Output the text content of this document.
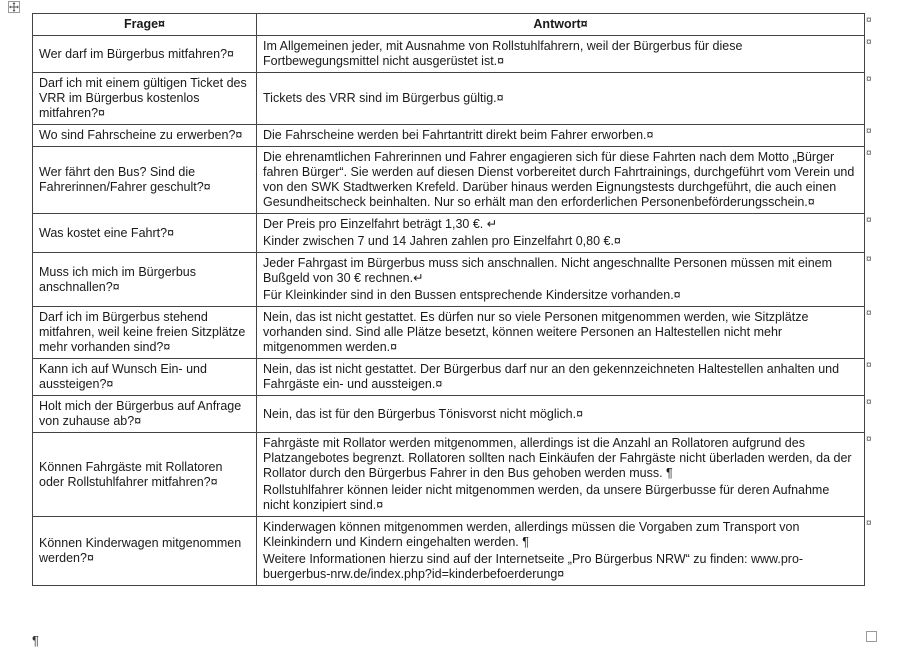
Frage¤	Antwort¤
Wer darf im Bürgerbus mitfahren?¤	Im Allgemeinen jeder, mit Ausnahme von Rollstuhlfahrern, weil der Bürgerbus für diese Fortbewegungsmittel nicht ausgerüstet ist.¤

Darf ich mit einem gültigen Ticket des VRR im Bürgerbus kostenlos mitfahren?¤	Tickets des VRR sind im Bürgerbus gültig.¤

Wo sind Fahrscheine zu erwerben?¤	Die Fahrscheine werden bei Fahrtantritt direkt beim Fahrer erworben.¤

Wer fährt den Bus? Sind die Fahrerinnen/Fahrer geschult?¤	Die ehrenamtlichen Fahrerinnen und Fahrer engagieren sich für diese Fahrten nach dem Motto „Bürger fahren Bürger“. Sie werden auf diesen Dienst vorbereitet durch Fahrtrainings, durchgeführt vom Verein und von den SWK Stadtwerken Krefeld. Darüber hinaus werden Eignungstests durchgeführt, die auch einen Gesundheitscheck beinhalten. Nur so erhält man den erforderlichen Personenbeförderungsschein.¤

Was kostet eine Fahrt?¤	Der Preis pro Einzelfahrt beträgt 1,30 €. ↵
Kinder zwischen 7 und 14 Jahren zahlen pro Einzelfahrt 0,80 €.¤

Muss ich mich im Bürgerbus anschnallen?¤	Jeder Fahrgast im Bürgerbus muss sich anschnallen. Nicht angeschnallte Personen müssen mit einem Bußgeld von 30 € rechnen.↵
Für Kleinkinder sind in den Bussen entsprechende Kindersitze vorhanden.¤

Darf ich im Bürgerbus stehend mitfahren, weil keine freien Sitzplätze mehr vorhanden sind?¤	Nein, das ist nicht gestattet. Es dürfen nur so viele Personen mitgenommen werden, wie Sitzplätze vorhanden sind. Sind alle Plätze besetzt, können weitere Personen an Haltestellen nicht mehr mitgenommen werden.¤

Kann ich auf Wunsch Ein- und aussteigen?¤	Nein, das ist nicht gestattet. Der Bürgerbus darf nur an den gekennzeichneten Haltestellen anhalten und Fahrgäste ein- und aussteigen.¤

Holt mich der Bürgerbus auf Anfrage von zuhause ab?¤	Nein, das ist für den Bürgerbus Tönisvorst nicht möglich.¤

Können Fahrgäste mit Rollatoren oder Rollstuhlfahrer mitfahren?¤	Fahrgäste mit Rollator werden mitgenommen, allerdings ist die Anzahl an Rollatoren aufgrund des Platzangebotes begrenzt. Rollatoren sollten nach Einkäufen der Fahrgäste nicht überladen werden, da der Rollator durch den Bürgerbus Fahrer in den Bus gehoben werden muss. ¶
Rollstuhlfahrer können leider nicht mitgenommen werden, da unsere Bürgerbusse für deren Aufnahme nicht konzipiert sind.¤

Können Kinderwagen mitgenommen werden?¤	Kinderwagen können mitgenommen werden, allerdings müssen die Vorgaben zum Transport von Kleinkindern und Kindern eingehalten werden. ¶
Weitere Informationen hierzu sind auf der Internetseite „Pro Bürgerbus NRW“ zu finden: www.pro-buergerbus-nrw.de/index.php?id=kinderbefoerderung¤
¤
¤
¤
¤
¤
¤
¤
¤
¤
¤
¤
¤
¶
